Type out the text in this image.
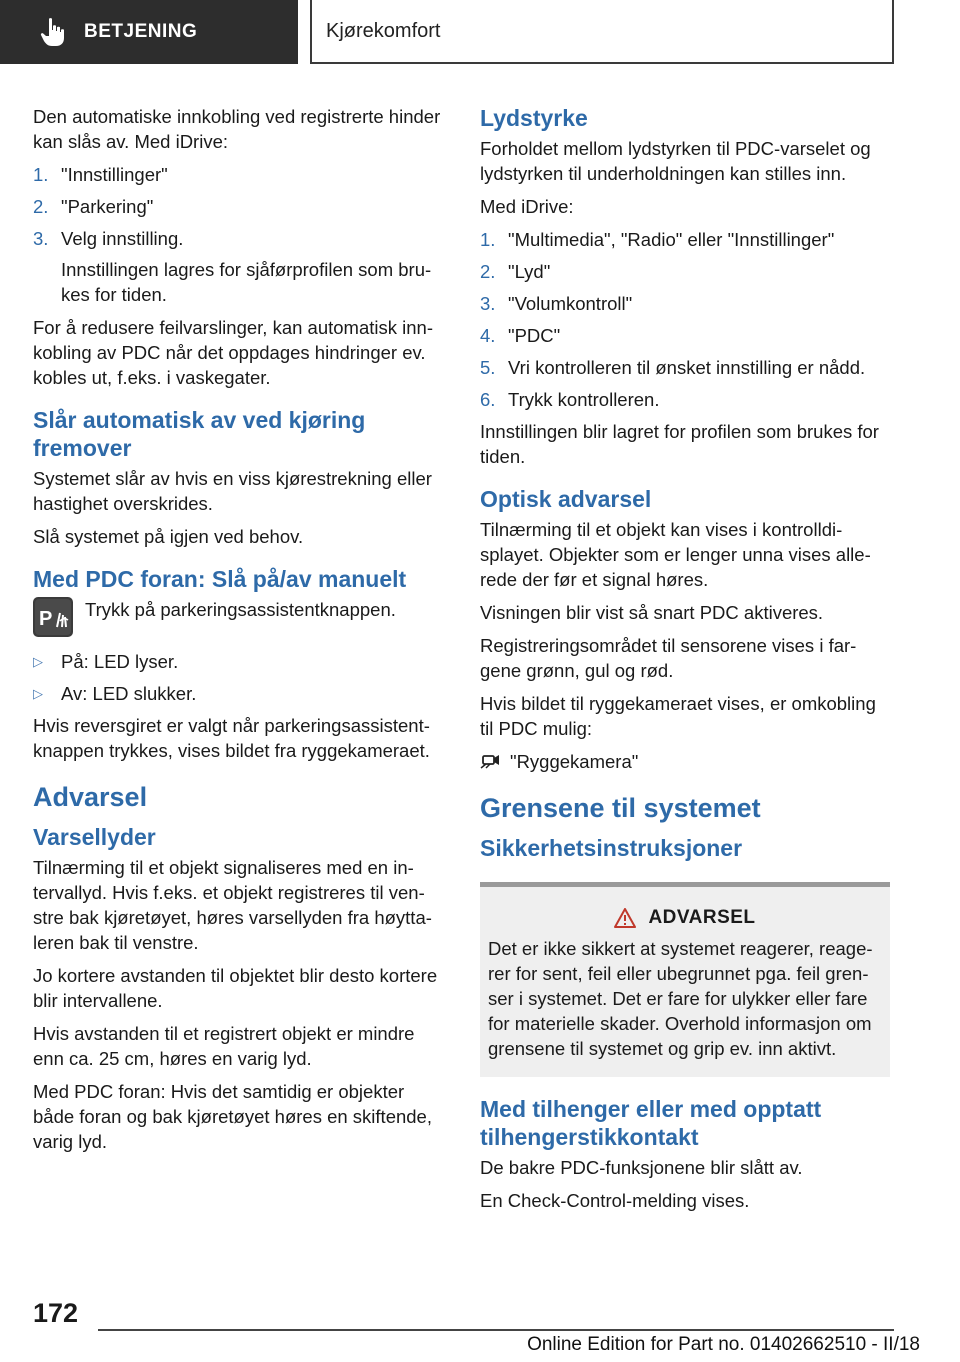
BETJENING	Kjørekomfort

Den automatiske innkobling ved registrerte hinder kan slås av. Med iDrive:

1. "Innstillinger"
2. "Parkering"
3. Velg innstilling.

Innstillingen lagres for sjåførprofilen som brukes for tiden.

For å redusere feilvarslinger, kan automatisk innkobling av PDC når det oppdages hindringer ev. kobles ut, f.eks. i vaskegater.

Slår automatisk av ved kjøring fremover

Systemet slår av hvis en viss kjørestrekning eller hastighet overskrides.

Slå systemet på igjen ved behov.

Med PDC foran: Slå på/av manuelt
P Trykk på parkeringsassistentknappen.
▷ På: LED lyser.
▷ Av: LED slukker.

Hvis reversgiret er valgt når parkeringsassistentknappen trykkes, vises bildet fra ryggekameraet.

Advarsel
Varsellyder

Tilnærming til et objekt signaliseres med en intervallyd. Hvis f.eks. et objekt registreres til venstre bak kjøretøyet, høres varsellyden fra høyttaleren bak til venstre.

Jo kortere avstanden til objektet blir desto kortere blir intervallene.

Hvis avstanden til et registrert objekt er mindre enn ca. 25 cm, høres en varig lyd.

Med PDC foran: Hvis det samtidig er objekter både foran og bak kjøretøyet høres en skiftende, varig lyd.

Lydstyrke

Forholdet mellom lydstyrken til PDC-varselet og lydstyrken til underholdningen kan stilles inn.

Med iDrive:

1. "Multimedia", "Radio" eller "Innstillinger"
2. "Lyd"
3. "Volumkontroll"
4. "PDC"
5. Vri kontrolleren til ønsket innstilling er nådd.
6. Trykk kontrolleren.

Innstillingen blir lagret for profilen som brukes for tiden.

Optisk advarsel

Tilnærming til et objekt kan vises i kontrolldisplayet. Objekter som er lenger unna vises allerede der før et signal høres.

Visningen blir vist så snart PDC aktiveres.

Registreringsområdet til sensorene vises i fargene grønn, gul og rød.

Hvis bildet til ryggekameraet vises, er omkobling til PDC mulig:

"Ryggekamera"
Grensene til systemet
Sikkerhetsinstruksjoner
ADVARSEL

Det er ikke sikkert at systemet reagerer, reagerer for sent, feil eller ubegrunnet pga. feil grenser i systemet. Det er fare for ulykker eller fare for materielle skader. Overhold informasjon om grensene til systemet og grip ev. inn aktivt.

Med tilhenger eller med opptatt tilhengerstikkontakt

De bakre PDC-funksjonene blir slått av.

En Check-Control-melding vises.

172
Online Edition for Part no. 01402662510 - II/18
